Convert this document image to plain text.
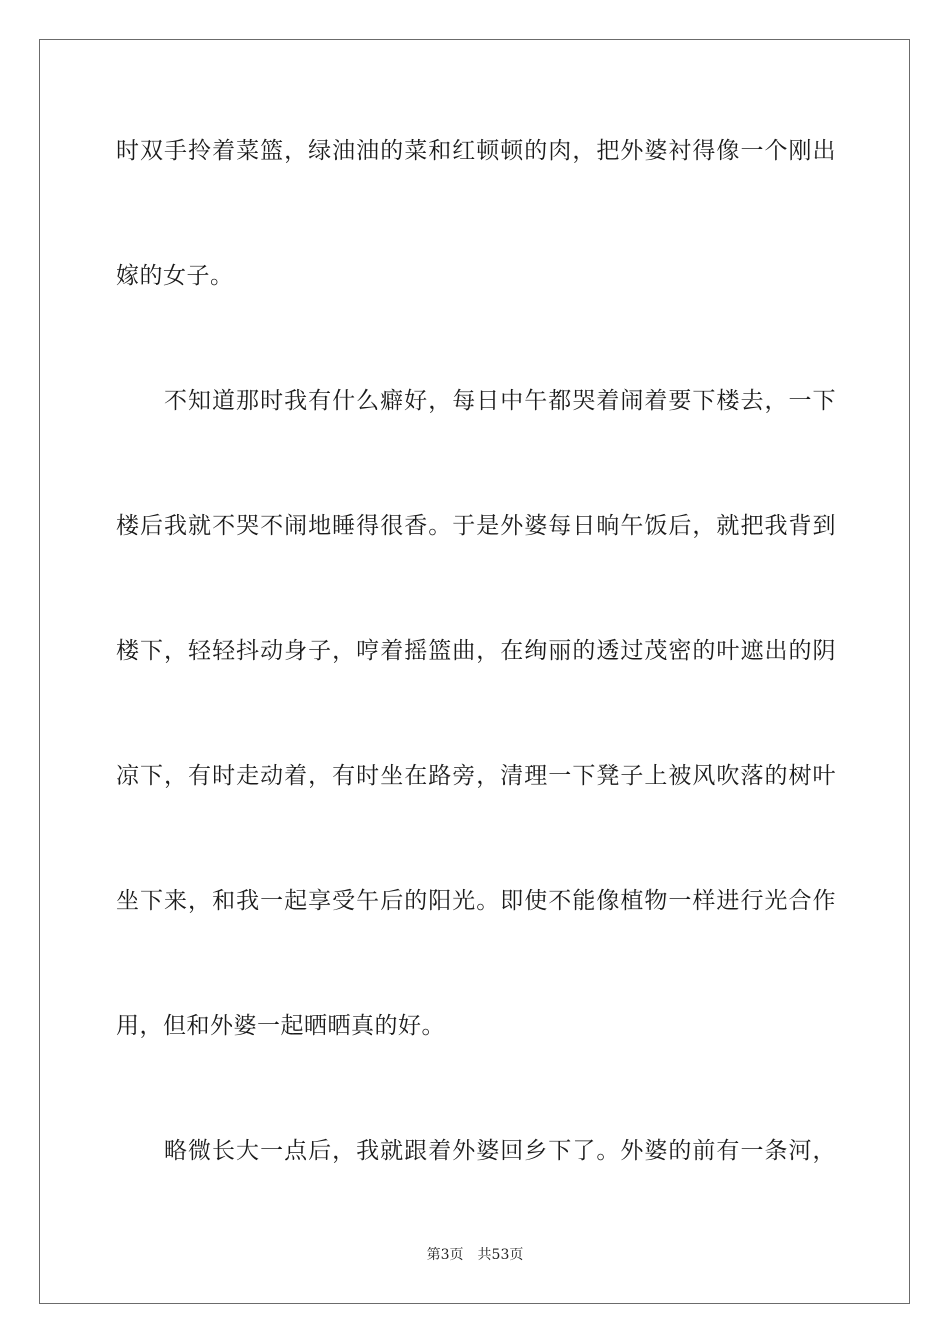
时双手拎着菜篮，绿油油的菜和红顿顿的肉，把外婆衬得像一个刚出
嫁的女子。
不知道那时我有什么癖好，每日中午都哭着闹着要下楼去，一下
楼后我就不哭不闹地睡得很香。于是外婆每日晌午饭后，就把我背到
楼下，轻轻抖动身子，哼着摇篮曲，在绚丽的透过茂密的叶遮出的阴
凉下，有时走动着，有时坐在路旁，清理一下凳子上被风吹落的树叶
坐下来，和我一起享受午后的阳光。即使不能像植物一样进行光合作
用，但和外婆一起晒晒真的好。
略微长大一点后，我就跟着外婆回乡下了。外婆的前有一条河，
第3页 共53页
